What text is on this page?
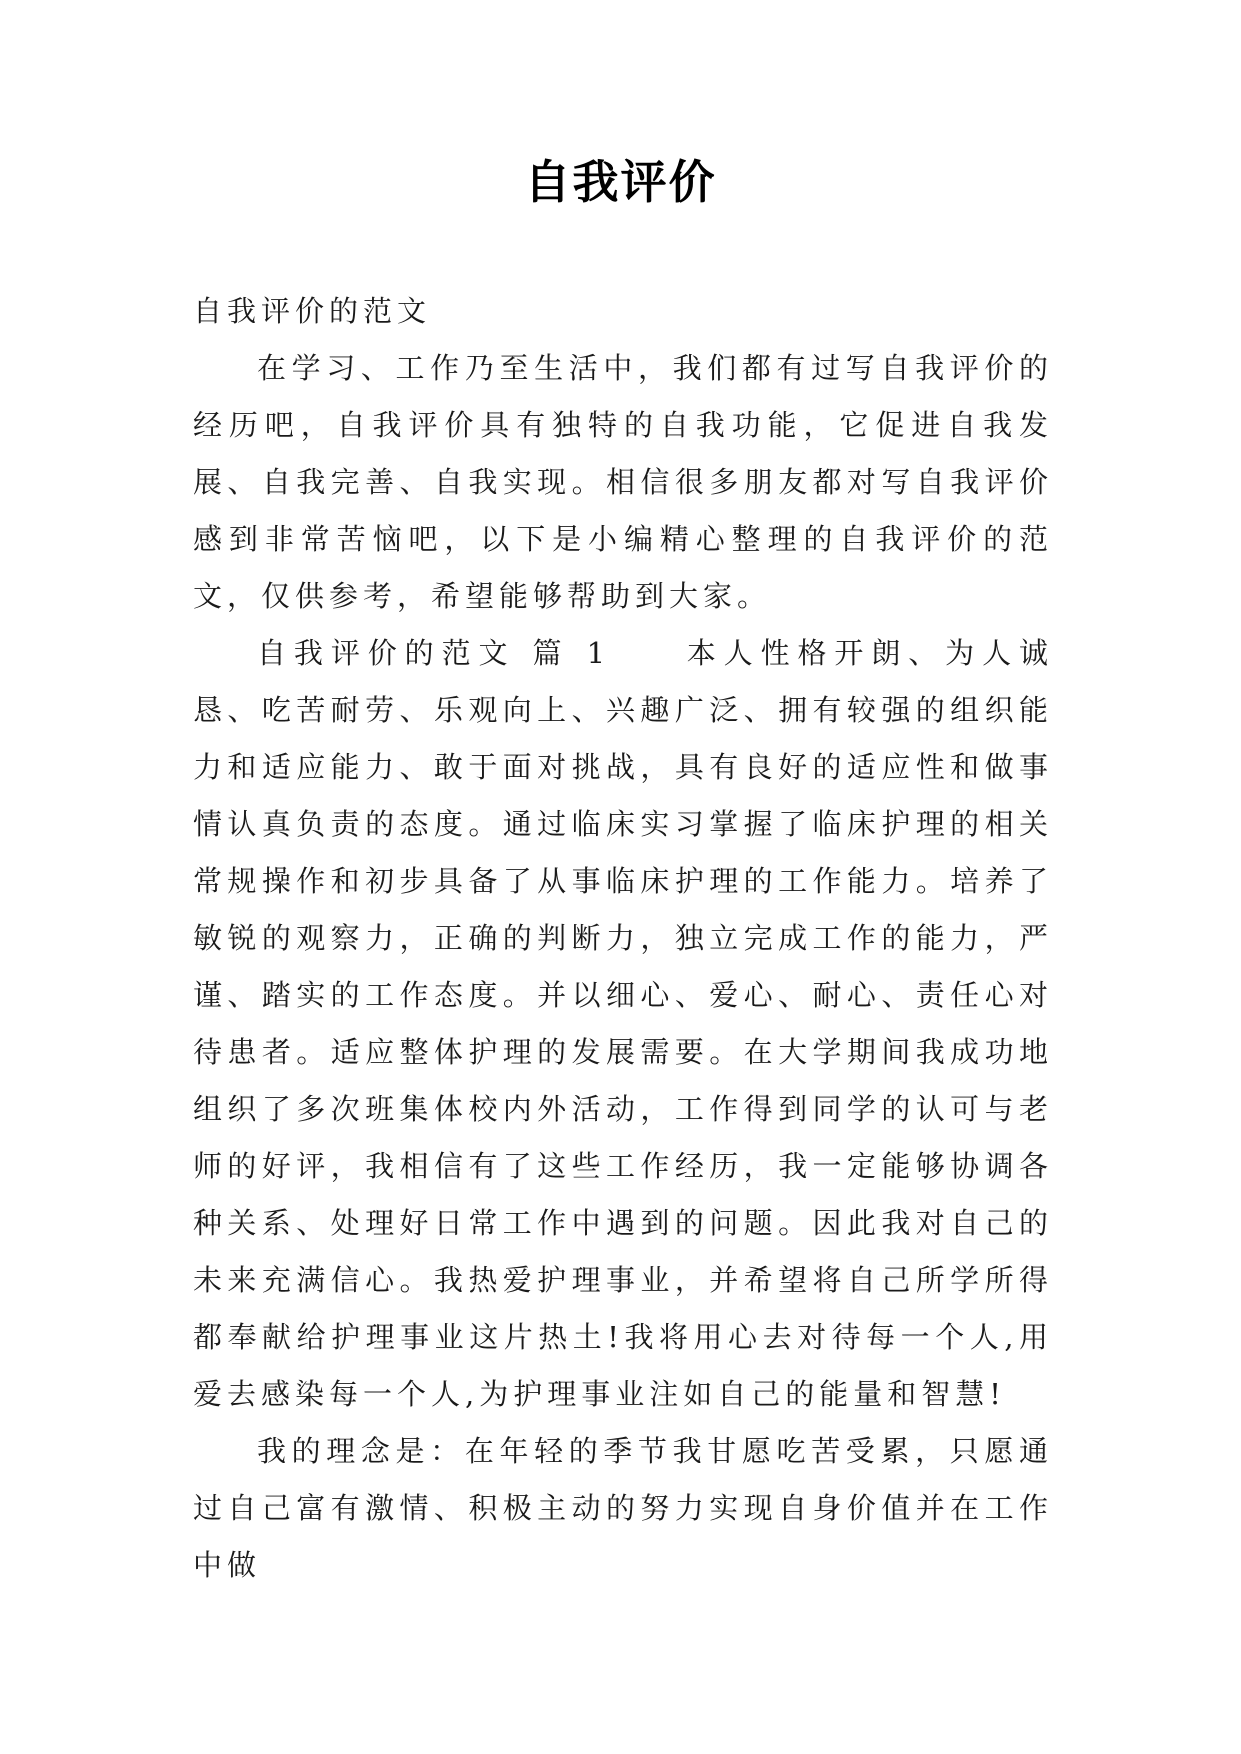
自我评价

自我评价的范文

在学习、工作乃至生活中，我们都有过写自我评价的经历吧，自我评价具有独特的自我功能，它促进自我发展、自我完善、自我实现。相信很多朋友都对写自我评价感到非常苦恼吧，以下是小编精心整理的自我评价的范文，仅供参考，希望能够帮助到大家。

自我评价的范文 篇 1　　本人性格开朗、为人诚恳、吃苦耐劳、乐观向上、兴趣广泛、拥有较强的组织能力和适应能力、敢于面对挑战，具有良好的适应性和做事情认真负责的态度。通过临床实习掌握了临床护理的相关常规操作和初步具备了从事临床护理的工作能力。培养了敏锐的观察力，正确的判断力，独立完成工作的能力，严谨、踏实的工作态度。并以细心、爱心、耐心、责任心对待患者。适应整体护理的发展需要。在大学期间我成功地组织了多次班集体校内外活动，工作得到同学的认可与老师的好评，我相信有了这些工作经历，我一定能够协调各种关系、处理好日常工作中遇到的问题。因此我对自己的未来充满信心。我热爱护理事业，并希望将自己所学所得都奉献给护理事业这片热土!我将用心去对待每一个人,用爱去感染每一个人,为护理事业注如自己的能量和智慧!

我的理念是：在年轻的季节我甘愿吃苦受累，只愿通过自己富有激情、积极主动的努力实现自身价值并在工作中做
